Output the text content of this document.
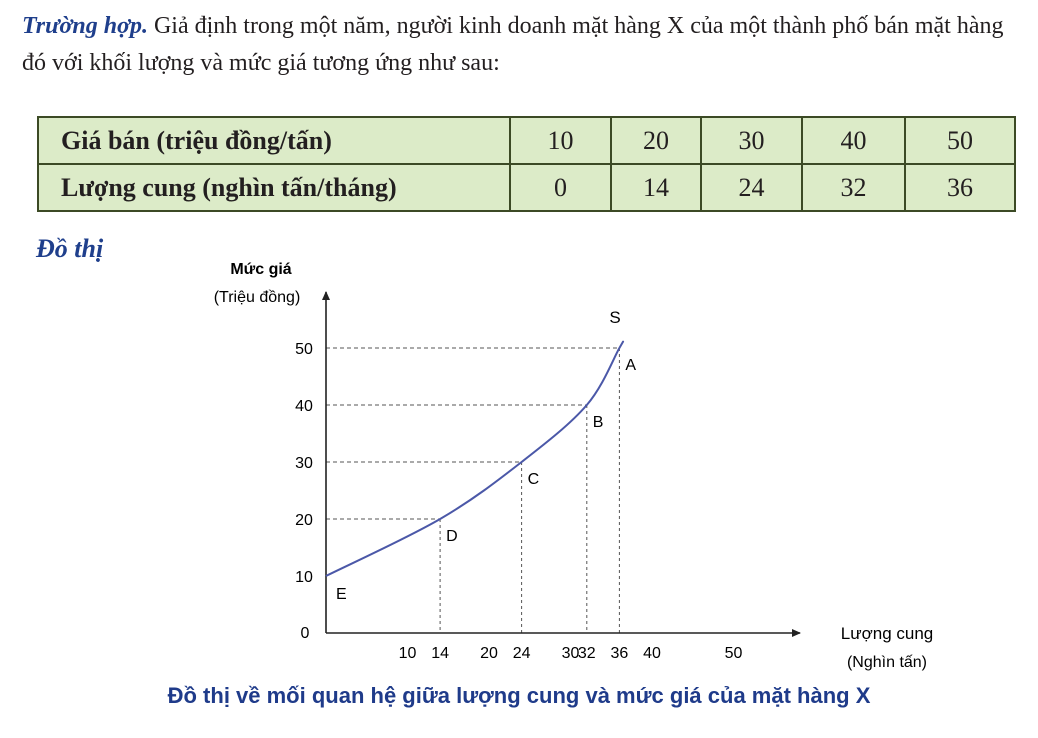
Trường hợp. Giả định trong một năm, người kinh doanh mặt hàng X của một thành phố bán mặt hàng đó với khối lượng và mức giá tương ứng như sau:

Giá bán (triệu đồng/tấn)	10	20	30	40	50
Lượng cung (nghìn tấn/tháng)	0	14	24	32	36
Đồ thị
10 14 20 24 30
32 36 40	50
10
20
30
40
50
E
D
C
B
A
Mức giá
(Triệu đồng)
Lượng cung
(Nghìn tấn)
0
S
Đồ thị về mối quan hệ giữa lượng cung và mức giá của mặt hàng X
